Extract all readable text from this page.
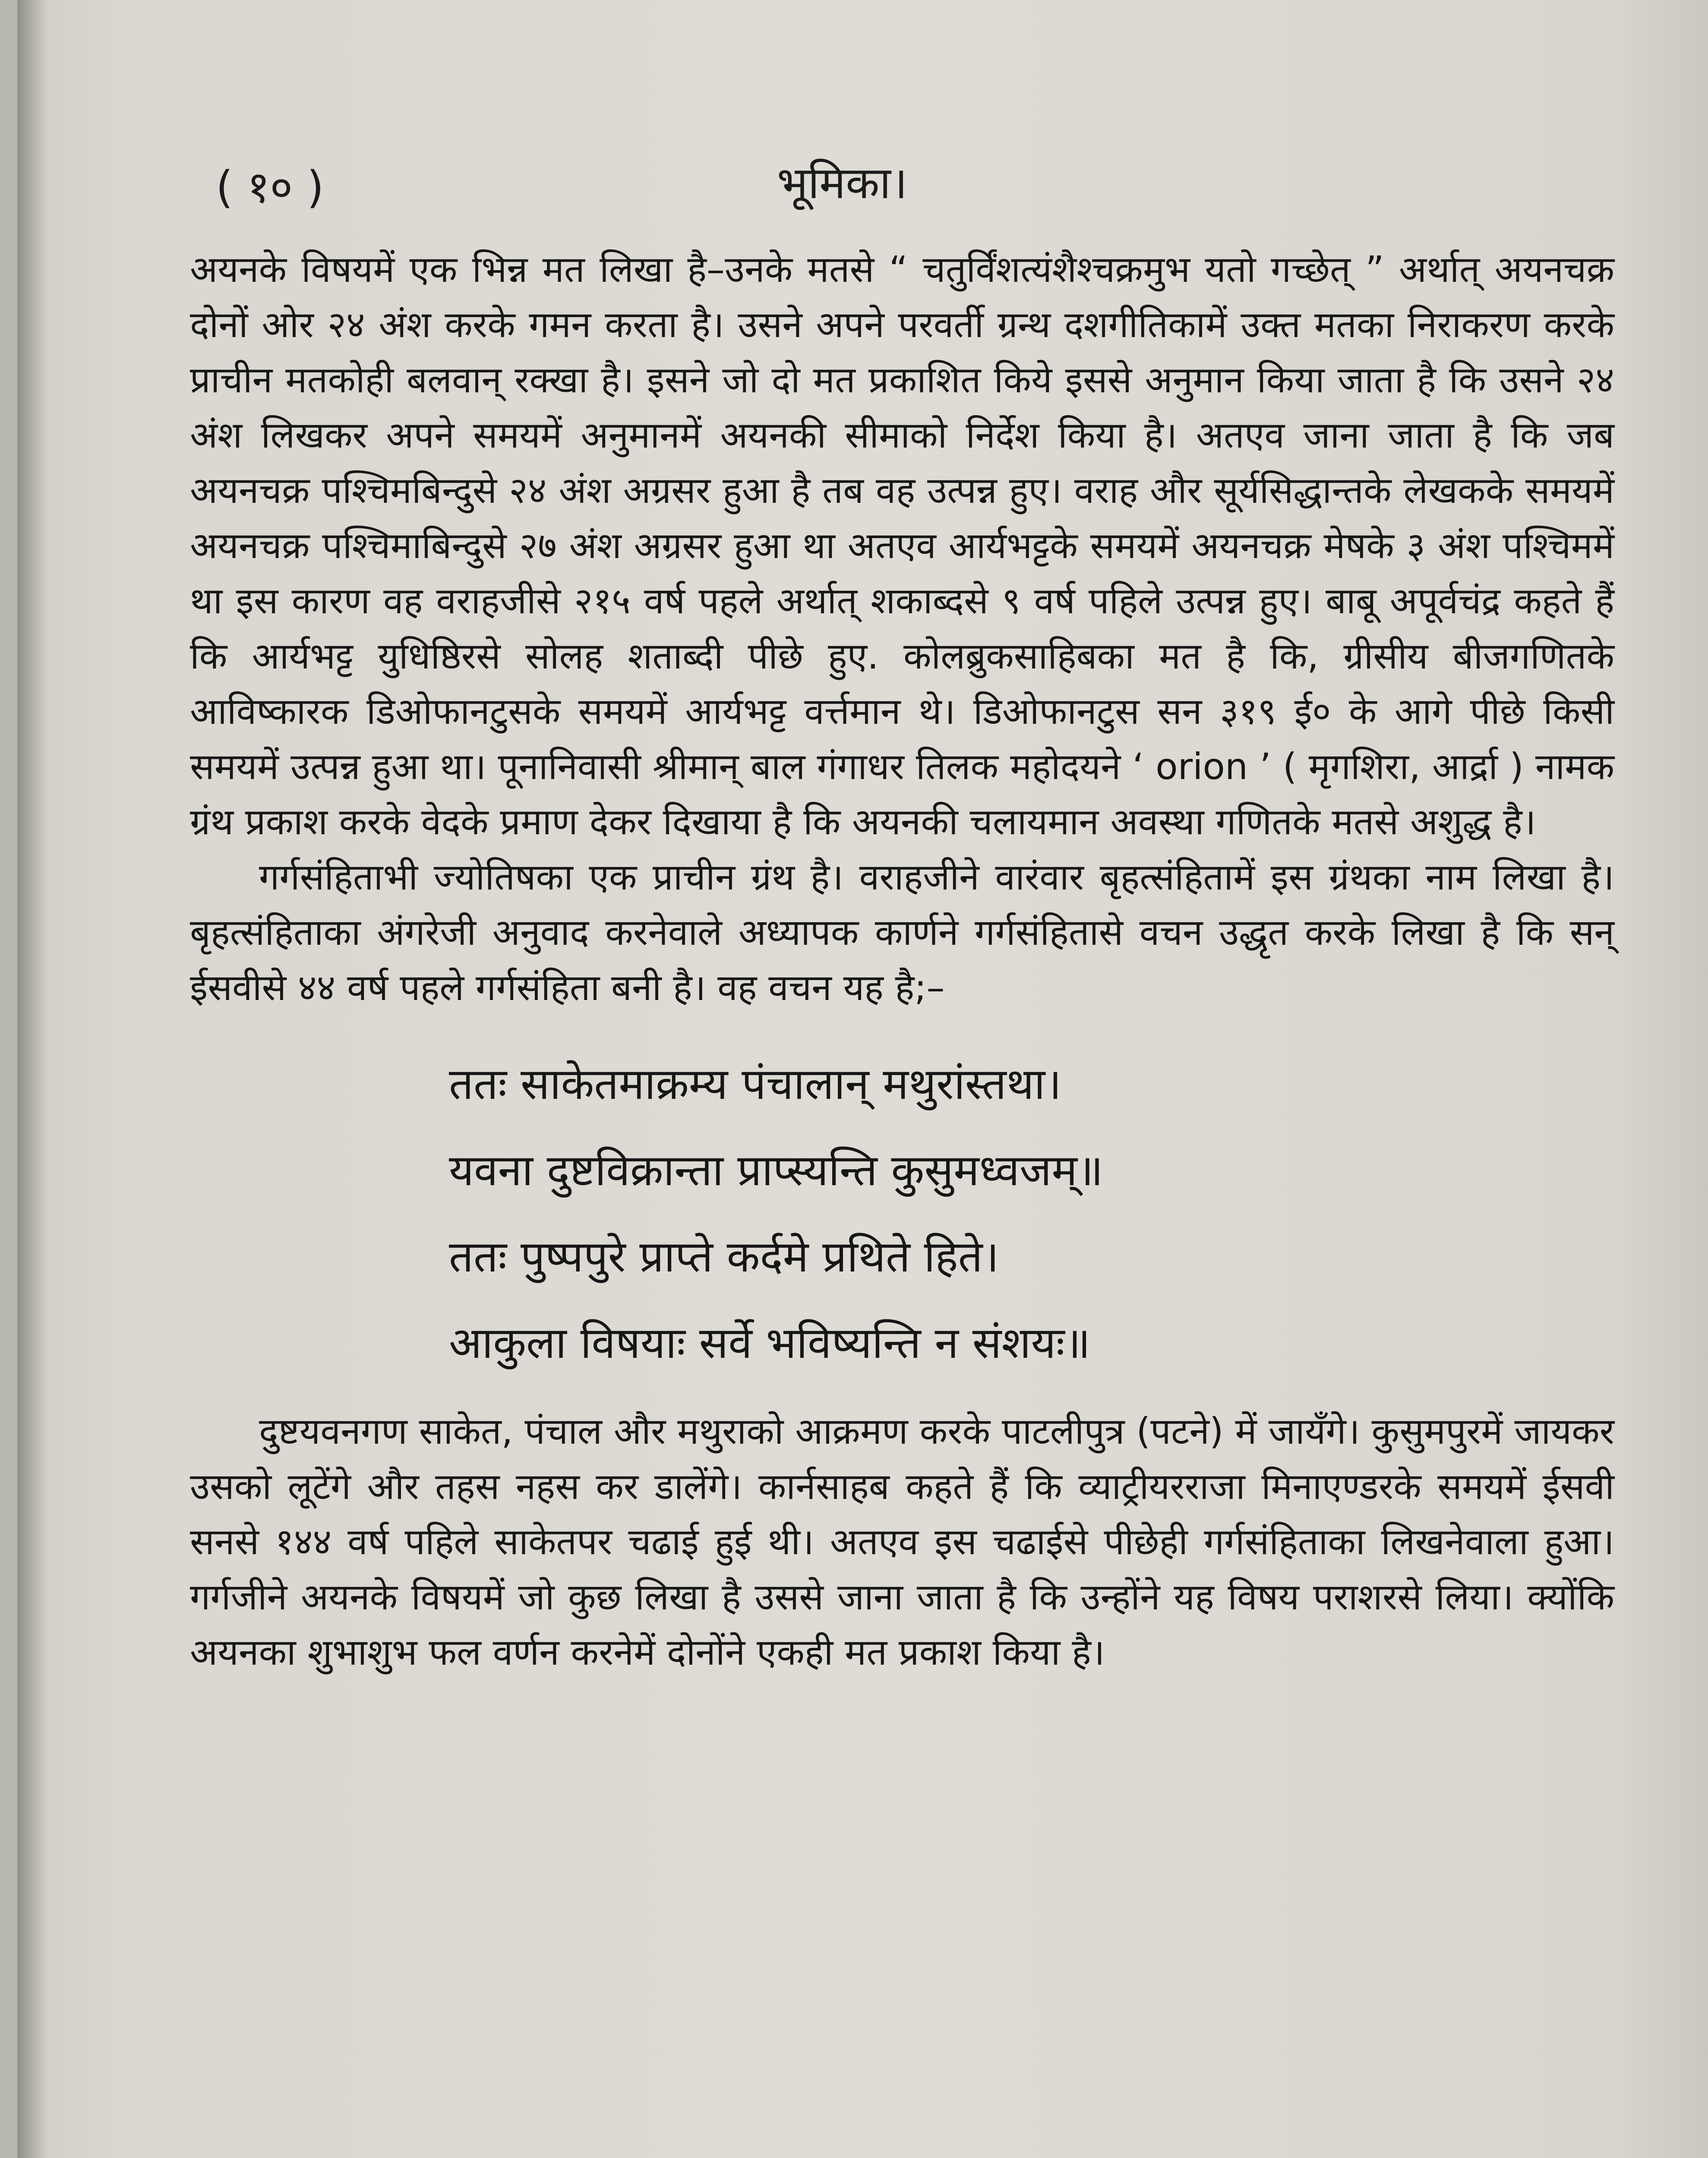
( १० )	भूमिका।

अयनके विषयमें एक भिन्न मत लिखा है–उनके मतसे “ चतुर्विंशत्यंशैश्चक्रमुभ यतो गच्छेत् ” अर्थात् अयनचक्र दोनों ओर २४ अंश करके गमन करता है। उसने अपने परवर्ती ग्रन्थ दशगीतिकामें उक्त मतका निराकरण करके प्राचीन मतकोही बलवान् रक्खा है। इसने जो दो मत प्रकाशित किये इससे अनुमान किया जाता है कि उसने २४ अंश लिखकर अपने समयमें अनुमानमें अयनकी सीमाको निर्देश किया है। अतएव जाना जाता है कि जब अयनचक्र पश्चिमबिन्दुसे २४ अंश अग्रसर हुआ है तब वह उत्पन्न हुए। वराह और सूर्यसिद्धान्तके लेखकके समयमें अयनचक्र पश्चिमाबिन्दुसे २७ अंश अग्रसर हुआ था अतएव आर्यभट्टके समयमें अयनचक्र मेषके ३ अंश पश्चिममें था इस कारण वह वराहजीसे २१५ वर्ष पहले अर्थात् शकाब्दसे ९ वर्ष पहिले उत्पन्न हुए। बाबू अपूर्वचंद्र कहते हैं कि आर्यभट्ट युधिष्ठिरसे सोलह शताब्दी पीछे हुए. कोलब्रुकसाहिबका मत है कि, ग्रीसीय बीजगणितके आविष्कारक डिओफानटुसके समयमें आर्यभट्ट वर्त्तमान थे। डिओफानटुस सन ३१९ ई० के आगे पीछे किसी समयमें उत्पन्न हुआ था। पूनानिवासी श्रीमान् बाल गंगाधर तिलक महोदयने ‘ orion ’ ( मृगशिरा, आर्द्रा ) नामक ग्रंथ प्रकाश करके वेदके प्रमाण देकर दिखाया है कि अयनकी चलायमान अवस्था गणितके मतसे अशुद्ध है।

गर्गसंहिताभी ज्योतिषका एक प्राचीन ग्रंथ है। वराहजीने वारंवार बृहत्संहितामें इस ग्रंथका नाम लिखा है। बृहत्संहिताका अंगरेजी अनुवाद करनेवाले अध्यापक कार्णने गर्गसंहितासे वचन उद्धृत करके लिखा है कि सन् ईसवीसे ४४ वर्ष पहले गर्गसंहिता बनी है। वह वचन यह है;–

ततः साकेतमाक्रम्य पंचालान् मथुरांस्तथा।
यवना दुष्टविक्रान्ता प्राप्स्यन्ति कुसुमध्वजम्॥
ततः पुष्पपुरे प्राप्ते कर्दमे प्रथिते हिते।
आकुला विषयाः सर्वे भविष्यन्ति न संशयः॥

दुष्टयवनगण साकेत, पंचाल और मथुराको आक्रमण करके पाटलीपुत्र (पटने) में जायँगे। कुसुमपुरमें जायकर उसको लूटेंगे और तहस नहस कर डालेंगे। कार्नसाहब कहते हैं कि व्याट्रीयरराजा मिनाएण्डरके समयमें ईसवी सनसे १४४ वर्ष पहिले साकेतपर चढाई हुई थी। अतएव इस चढाईसे पीछेही गर्गसंहिताका लिखनेवाला हुआ। गर्गजीने अयनके विषयमें जो कुछ लिखा है उससे जाना जाता है कि उन्होंने यह विषय पराशरसे लिया। क्योंकि अयनका शुभाशुभ फल वर्णन करनेमें दोनोंने एकही मत प्रकाश किया है।
